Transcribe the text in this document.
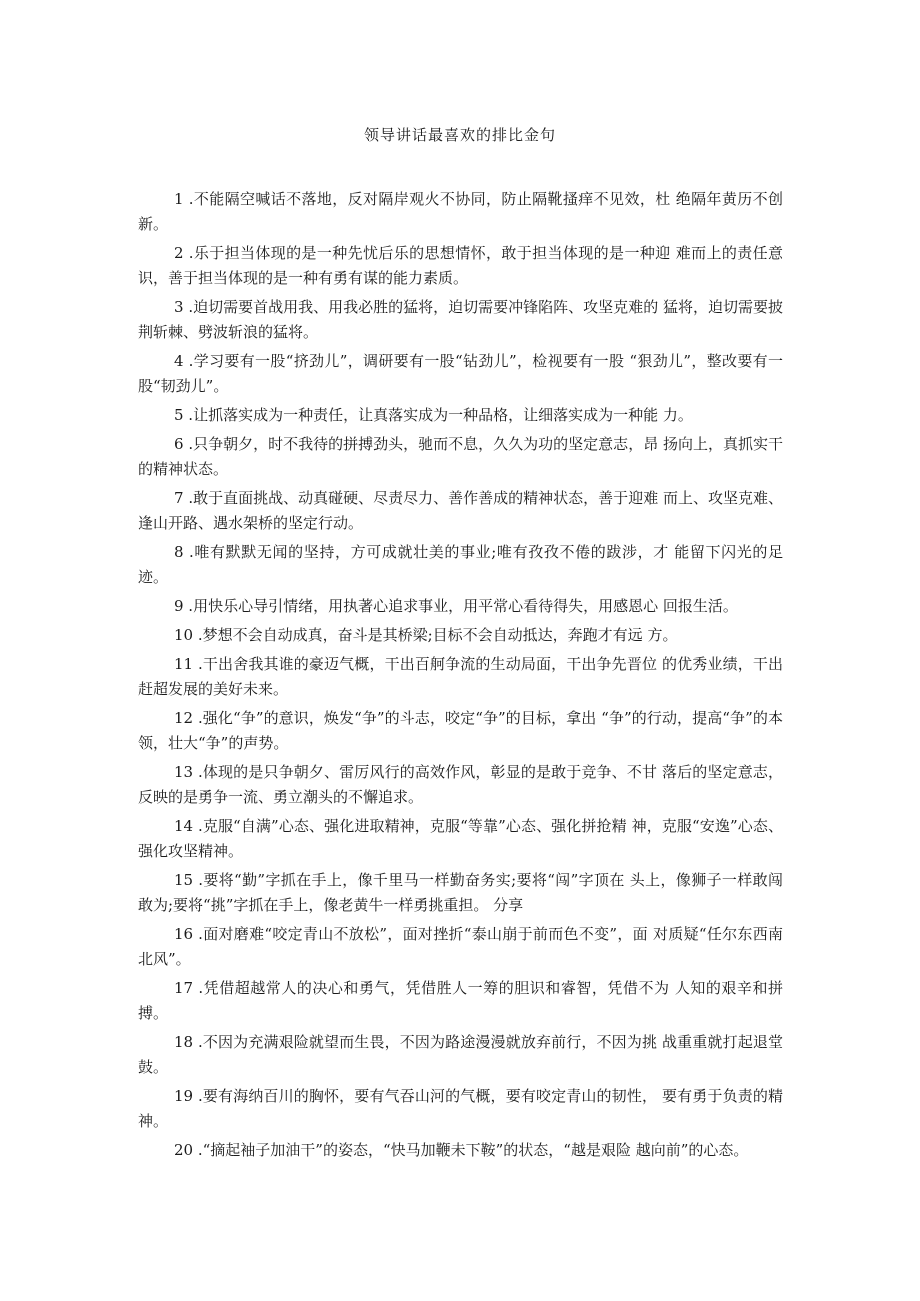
领导讲话最喜欢的排比金句

1 .不能隔空喊话不落地，反对隔岸观火不协同，防止隔靴搔痒不见效，杜 绝隔年黄历不创新。

2 .乐于担当体现的是一种先忧后乐的思想情怀，敢于担当体现的是一种迎 难而上的责任意识，善于担当体现的是一种有勇有谋的能力素质。

3 .迫切需要首战用我、用我必胜的猛将，迫切需要冲锋陷阵、攻坚克难的 猛将，迫切需要披荆斩棘、劈波斩浪的猛将。

4 .学习要有一股“挤劲儿”，调研要有一股“钻劲儿”，检视要有一股 “狠劲儿”，整改要有一股“韧劲儿”。

5 .让抓落实成为一种责任，让真落实成为一种品格，让细落实成为一种能 力。

6 .只争朝夕，时不我待的拼搏劲头，驰而不息，久久为功的坚定意志，昂 扬向上，真抓实干的精神状态。

7 .敢于直面挑战、动真碰硬、尽责尽力、善作善成的精神状态，善于迎难 而上、攻坚克难、逢山开路、遇水架桥的坚定行动。

8 .唯有默默无闻的坚持，方可成就壮美的事业;唯有孜孜不倦的跋涉，才 能留下闪光的足迹。

9 .用快乐心导引情绪，用执著心追求事业，用平常心看待得失，用感恩心 回报生活。

10 .梦想不会自动成真，奋斗是其桥梁;目标不会自动抵达，奔跑才有远 方。

11 .干出舍我其谁的豪迈气概，干出百舸争流的生动局面，干出争先晋位 的优秀业绩，干出赶超发展的美好未来。

12 .强化“争”的意识，焕发“争”的斗志，咬定“争”的目标，拿出 “争”的行动，提高“争”的本领，壮大“争”的声势。

13 .体现的是只争朝夕、雷厉风行的高效作风，彰显的是敢于竞争、不甘 落后的坚定意志，反映的是勇争一流、勇立潮头的不懈追求。

14 .克服“自满”心态、强化进取精神，克服“等靠”心态、强化拼抢精 神，克服“安逸”心态、强化攻坚精神。

15 .要将“勤”字抓在手上，像千里马一样勤奋务实;要将“闯”字顶在 头上，像狮子一样敢闯敢为;要将“挑”字抓在手上，像老黄牛一样勇挑重担。 分享

16 .面对磨难“咬定青山不放松”，面对挫折“泰山崩于前而色不变”，面 对质疑“任尔东西南北风”。

17 .凭借超越常人的决心和勇气，凭借胜人一筹的胆识和睿智，凭借不为 人知的艰辛和拼搏。

18 .不因为充满艰险就望而生畏，不因为路途漫漫就放弃前行，不因为挑 战重重就打起退堂鼓。

19 .要有海纳百川的胸怀，要有气吞山河的气概，要有咬定青山的韧性， 要有勇于负责的精神。

20 .“摘起袖子加油干”的姿态，“快马加鞭未下鞍”的状态，“越是艰险 越向前”的心态。
